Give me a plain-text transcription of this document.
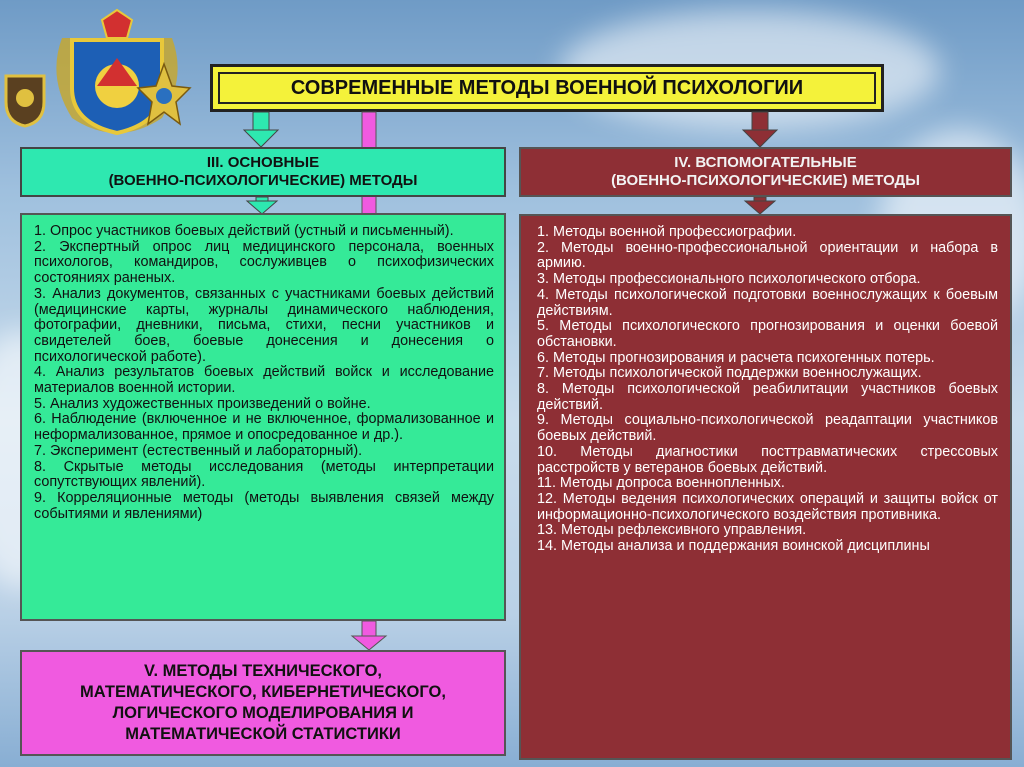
СОВРЕМЕННЫЕ МЕТОДЫ ВОЕННОЙ ПСИХОЛОГИИ
III. ОСНОВНЫЕ
(ВОЕННО-ПСИХОЛОГИЧЕСКИЕ) МЕТОДЫ
IV. ВСПОМОГАТЕЛЬНЫЕ
(ВОЕННО-ПСИХОЛОГИЧЕСКИЕ) МЕТОДЫ

1. Опрос участников боевых действий (устный и письменный).

2. Экспертный опрос лиц медицинского персонала, военных психологов, командиров, сослуживцев о психофизических состояниях раненых.

3. Анализ документов, связанных с участниками боевых действий (медицинские карты, журналы динамического наблюдения, фотографии, дневники, письма, стихи, песни участников и свидетелей боев, боевые донесения и донесения о психологической работе).

4. Анализ результатов боевых действий войск и исследование материалов военной истории.

5. Анализ художественных произведений о войне.

6. Наблюдение (включенное и не включенное, формализованное и неформализованное, прямое и опосредованное и др.).

7. Эксперимент (естественный и лабораторный).

8. Скрытые методы исследования (методы интерпретации сопутствующих явлений).

9. Корреляционные методы (методы выявления связей между событиями и явлениями)

1. Методы военной профессиографии.

2. Методы военно-профессиональной ориентации и набора в армию.

3. Методы профессионального психологического отбора.

4. Методы психологической подготовки военнослужащих к боевым действиям.

5. Методы психологического прогнозирования и оценки боевой обстановки.

6. Методы прогнозирования и расчета психогенных потерь.

7. Методы психологической поддержки военнослужащих.

8. Методы психологической реабилитации участников боевых действий.

9. Методы социально-психологической реадаптации участников боевых действий.

10. Методы диагностики посттравматических стрессовых расстройств у ветеранов боевых действий.

11. Методы допроса военнопленных.

12. Методы ведения психологических операций и защиты войск от информационно-психологического воздействия противника.

13. Методы рефлексивного управления.

14. Методы анализа и поддержания воинской дисциплины

V. МЕТОДЫ ТЕХНИЧЕСКОГО,
МАТЕМАТИЧЕСКОГО, КИБЕРНЕТИЧЕСКОГО,
ЛОГИЧЕСКОГО МОДЕЛИРОВАНИЯ И
МАТЕМАТИЧЕСКОЙ СТАТИСТИКИ
